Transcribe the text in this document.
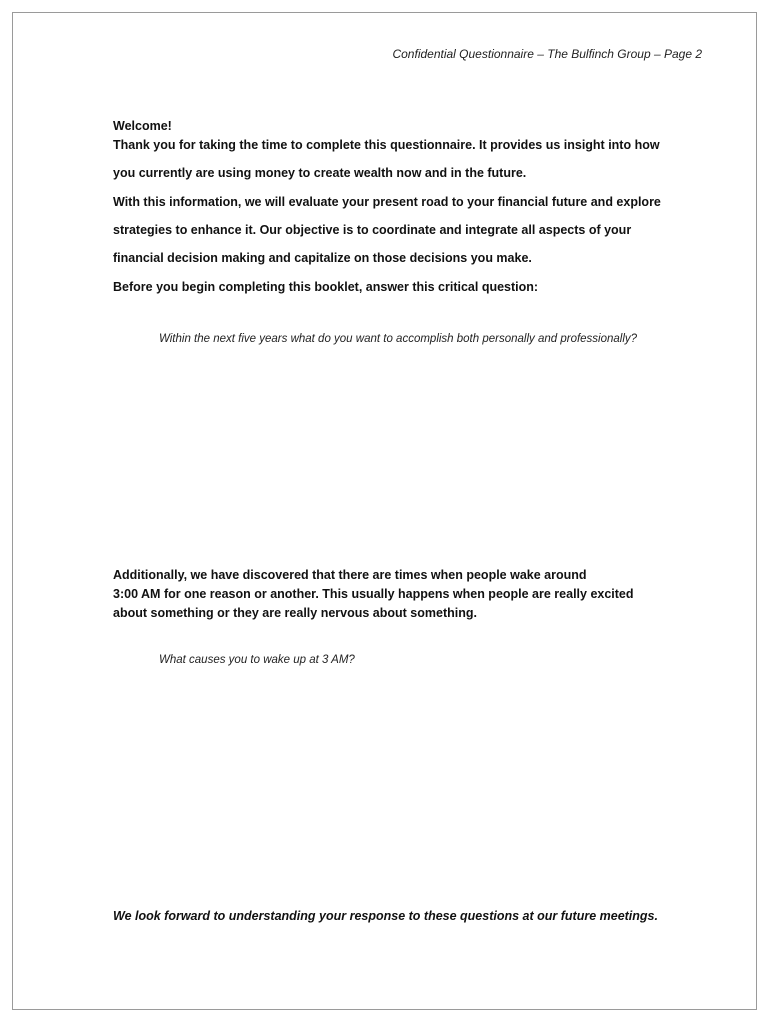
Confidential Questionnaire – The Bulfinch Group – Page 2
Welcome!
Thank you for taking the time to complete this questionnaire. It provides us insight into how
you currently are using money to create wealth now and in the future.
With this information, we will evaluate your present road to your financial future and explore
strategies to enhance it. Our objective is to coordinate and integrate all aspects of your
financial decision making and capitalize on those decisions you make.
Before you begin completing this booklet, answer this critical question:
Within the next five years what do you want to accomplish both personally and professionally?
Additionally, we have discovered that there are times when people wake around
3:00 AM for one reason or another. This usually happens when people are really excited
about something or they are really nervous about something.
What causes you to wake up at 3 AM?
We look forward to understanding your response to these questions at our future meetings.
